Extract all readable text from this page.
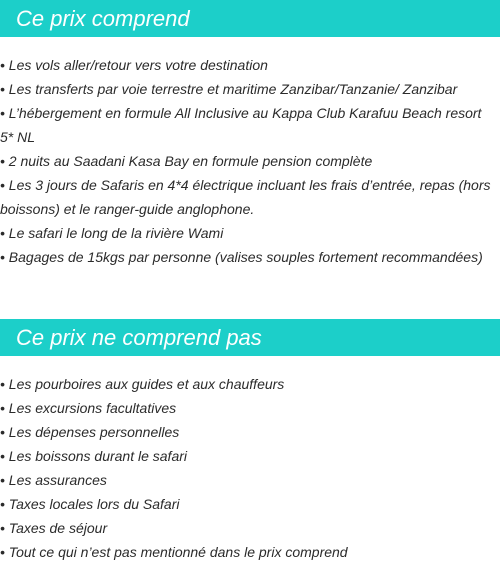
Ce prix comprend
• Les vols aller/retour vers votre destination
• Les transferts par voie terrestre et maritime Zanzibar/Tanzanie/ Zanzibar
• L’hébergement en formule All Inclusive au Kappa Club Karafuu Beach resort 5* NL
• 2 nuits au Saadani Kasa Bay en formule pension complète
• Les 3 jours de Safaris en 4*4 électrique incluant les frais d’entrée, repas (hors boissons) et le ranger-guide anglophone.
• Le safari le long de la rivière Wami
• Bagages de 15kgs par personne (valises souples fortement recommandées)
Ce prix ne comprend pas
• Les pourboires aux guides et aux chauffeurs
• Les excursions facultatives
• Les dépenses personnelles
• Les boissons durant le safari
• Les assurances
• Taxes locales lors du Safari
• Taxes de séjour
• Tout ce qui n’est pas mentionné dans le prix comprend
